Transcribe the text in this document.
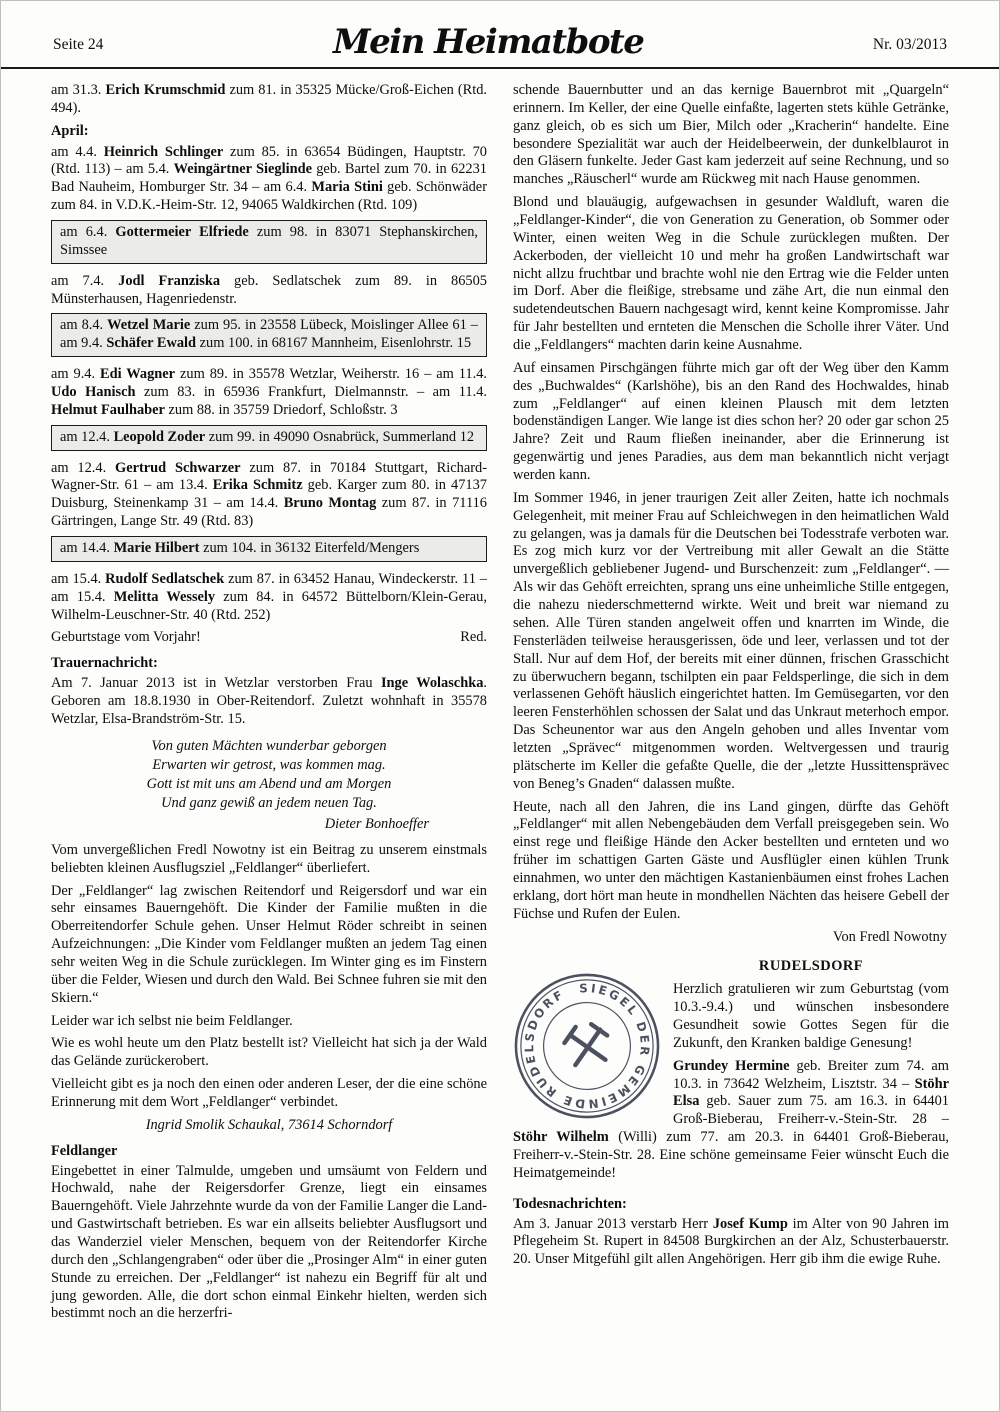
Seite 24	Mein Heimatbote	Nr. 03/2013

am 31.3. Erich Krumschmid zum 81. in 35325 Mücke/Groß-Eichen (Rtd. 494).

April:

am 4.4. Heinrich Schlinger zum 85. in 63654 Büdingen, Hauptstr. 70 (Rtd. 113) – am 5.4. Weingärtner Sieglinde geb. Bartel zum 70. in 62231 Bad Nauheim, Homburger Str. 34 – am 6.4. Maria Stini geb. Schönwäder zum 84. in V.D.K.-Heim-Str. 12, 94065 Waldkirchen (Rtd. 109)

am 6.4. Gottermeier Elfriede zum 98. in 83071 Stephanskirchen, Simssee

am 7.4. Jodl Franziska geb. Sedlatschek zum 89. in 86505 Münsterhausen, Hagenriedenstr.

am 8.4. Wetzel Marie zum 95. in 23558 Lübeck, Moislinger Allee 61 – am 9.4. Schäfer Ewald zum 100. in 68167 Mannheim, Eisenlohrstr. 15

am 9.4. Edi Wagner zum 89. in 35578 Wetzlar, Weiherstr. 16 – am 11.4. Udo Hanisch zum 83. in 65936 Frankfurt, Dielmannstr. – am 11.4. Helmut Faulhaber zum 88. in 35759 Driedorf, Schloßstr. 3

am 12.4. Leopold Zoder zum 99. in 49090 Osnabrück, Summerland 12

am 12.4. Gertrud Schwarzer zum 87. in 70184 Stuttgart, Richard-Wagner-Str. 61 – am 13.4. Erika Schmitz geb. Karger zum 80. in 47137 Duisburg, Steinenkamp 31 – am 14.4. Bruno Montag zum 87. in 71116 Gärtringen, Lange Str. 49 (Rtd. 83)

am 14.4. Marie Hilbert zum 104. in 36132 Eiterfeld/Mengers

am 15.4. Rudolf Sedlatschek zum 87. in 63452 Hanau, Windeckerstr. 11 – am 15.4. Melitta Wessely zum 84. in 64572 Büttelborn/Klein-Gerau, Wilhelm-Leuschner-Str. 40 (Rtd. 252)

Geburtstage vom Vorjahr!	Red.

Trauernachricht:

Am 7. Januar 2013 ist in Wetzlar verstorben Frau Inge Wolaschka. Geboren am 18.8.1930 in Ober-Reitendorf. Zuletzt wohnhaft in 35578 Wetzlar, Elsa-Brandström-Str. 15.

Von guten Mächten wunderbar geborgen
Erwarten wir getrost, was kommen mag.
Gott ist mit uns am Abend und am Morgen
Und ganz gewiß an jedem neuen Tag.
Dieter Bonhoeffer

Vom unvergeßlichen Fredl Nowotny ist ein Beitrag zu unserem einstmals beliebten kleinen Ausflugsziel „Feldlanger“ überliefert.

Der „Feldlanger“ lag zwischen Reitendorf und Reigersdorf und war ein sehr einsames Bauerngehöft. Die Kinder der Familie mußten in die Oberreitendorfer Schule gehen. Unser Helmut Röder schreibt in seinen Aufzeichnungen: „Die Kinder vom Feldlanger mußten an jedem Tag einen sehr weiten Weg in die Schule zurücklegen. Im Winter ging es im Finstern über die Felder, Wiesen und durch den Wald. Bei Schnee fuhren sie mit den Skiern.“

Leider war ich selbst nie beim Feldlanger.

Wie es wohl heute um den Platz bestellt ist? Vielleicht hat sich ja der Wald das Gelände zurückerobert.

Vielleicht gibt es ja noch den einen oder anderen Leser, der die eine schöne Erinnerung mit dem Wort „Feldlanger“ verbindet.

Ingrid Smolik Schaukal, 73614 Schorndorf

Feldlanger

Eingebettet in einer Talmulde, umgeben und umsäumt von Feldern und Hochwald, nahe der Reigersdorfer Grenze, liegt ein einsames Bauerngehöft. Viele Jahrzehnte wurde da von der Familie Langer die Land- und Gastwirtschaft betrieben. Es war ein allseits beliebter Ausflugsort und das Wanderziel vieler Menschen, bequem von der Reitendorfer Kirche durch den „Schlangengraben“ oder über die „Prosinger Alm“ in einer guten Stunde zu erreichen. Der „Feldlanger“ ist nahezu ein Begriff für alt und jung geworden. Alle, die dort schon einmal Einkehr hielten, werden sich bestimmt noch an die herzerfri-

schende Bauernbutter und an das kernige Bauernbrot mit „Quargeln“ erinnern. Im Keller, der eine Quelle einfaßte, lagerten stets kühle Getränke, ganz gleich, ob es sich um Bier, Milch oder „Kracherin“ handelte. Eine besondere Spezialität war auch der Heidelbeerwein, der dunkelblaurot in den Gläsern funkelte. Jeder Gast kam jederzeit auf seine Rechnung, und so manches „Räuscherl“ wurde am Rückweg mit nach Hause genommen.

Blond und blauäugig, aufgewachsen in gesunder Waldluft, waren die „Feldlanger-Kinder“, die von Generation zu Generation, ob Sommer oder Winter, einen weiten Weg in die Schule zurücklegen mußten. Der Ackerboden, der vielleicht 10 und mehr ha großen Landwirtschaft war nicht allzu fruchtbar und brachte wohl nie den Ertrag wie die Felder unten im Dorf. Aber die fleißige, strebsame und zähe Art, die nun einmal den sudetendeutschen Bauern nachgesagt wird, kennt keine Kompromisse. Jahr für Jahr bestellten und ernteten die Menschen die Scholle ihrer Väter. Und die „Feldlangers“ machten darin keine Ausnahme.

Auf einsamen Pirschgängen führte mich gar oft der Weg über den Kamm des „Buchwaldes“ (Karlshöhe), bis an den Rand des Hochwaldes, hinab zum „Feldlanger“ auf einen kleinen Plausch mit dem letzten bodenständigen Langer. Wie lange ist dies schon her? 20 oder gar schon 25 Jahre? Zeit und Raum fließen ineinander, aber die Erinnerung ist gegenwärtig und jenes Paradies, aus dem man bekanntlich nicht verjagt werden kann.

Im Sommer 1946, in jener traurigen Zeit aller Zeiten, hatte ich nochmals Gelegenheit, mit meiner Frau auf Schleichwegen in den heimatlichen Wald zu gelangen, was ja damals für die Deutschen bei Todesstrafe verboten war. Es zog mich kurz vor der Vertreibung mit aller Gewalt an die Stätte unvergeßlich gebliebener Jugend- und Burschenzeit: zum „Feldlanger“. — Als wir das Gehöft erreichten, sprang uns eine unheimliche Stille entgegen, die nahezu niederschmetternd wirkte. Weit und breit war niemand zu sehen. Alle Türen standen angelweit offen und knarrten im Winde, die Fensterläden teilweise herausgerissen, öde und leer, verlassen und tot der Stall. Nur auf dem Hof, der bereits mit einer dünnen, frischen Grasschicht zu überwuchern begann, tschilpten ein paar Feldsperlinge, die sich in dem verlassenen Gehöft häuslich eingerichtet hatten. Im Gemüsegarten, vor den leeren Fensterhöhlen schossen der Salat und das Unkraut meterhoch empor. Das Scheunentor war aus den Angeln gehoben und alles Inventar vom letzten „Sprävec“ mitgenommen worden. Weltvergessen und traurig plätscherte im Keller die gefaßte Quelle, die der „letzte Hussittensprävec von Beneg’s Gnaden“ dalassen mußte.

Heute, nach all den Jahren, die ins Land gingen, dürfte das Gehöft „Feldlanger“ mit allen Nebengebäuden dem Verfall preisgegeben sein. Wo einst rege und fleißige Hände den Acker bestellten und ernteten und wo früher im schattigen Garten Gäste und Ausflügler einen kühlen Trunk einnahmen, wo unter den mächtigen Kastanienbäumen einst frohes Lachen erklang, dort hört man heute in mondhellen Nächten das heisere Gebell der Füchse und Rufen der Eulen.

Von Fredl Nowotny

SIEGEL DER GEMEINDE RUDELSDORF

RUDELSDORF

Herzlich gratulieren wir zum Geburtstag (vom 10.3.-9.4.) und wünschen insbesondere Gesundheit sowie Gottes Segen für die Zukunft, den Kranken baldige Genesung!

Grundey Hermine geb. Breiter zum 74. am 10.3. in 73642 Welzheim, Lisztstr. 34 – Stöhr Elsa geb. Sauer zum 75. am 16.3. in 64401 Groß-Bieberau, Freiherr-v.-Stein-Str. 28 – Stöhr Wilhelm (Willi) zum 77. am 20.3. in 64401 Groß-Bieberau, Freiherr-v.-Stein-Str. 28. Eine schöne gemeinsame Feier wünscht Euch die Heimatgemeinde!

Todesnachrichten:

Am 3. Januar 2013 verstarb Herr Josef Kump im Alter von 90 Jahren im Pflegeheim St. Rupert in 84508 Burgkirchen an der Alz, Schusterbauerstr. 20. Unser Mitgefühl gilt allen Angehörigen. Herr gib ihm die ewige Ruhe.
